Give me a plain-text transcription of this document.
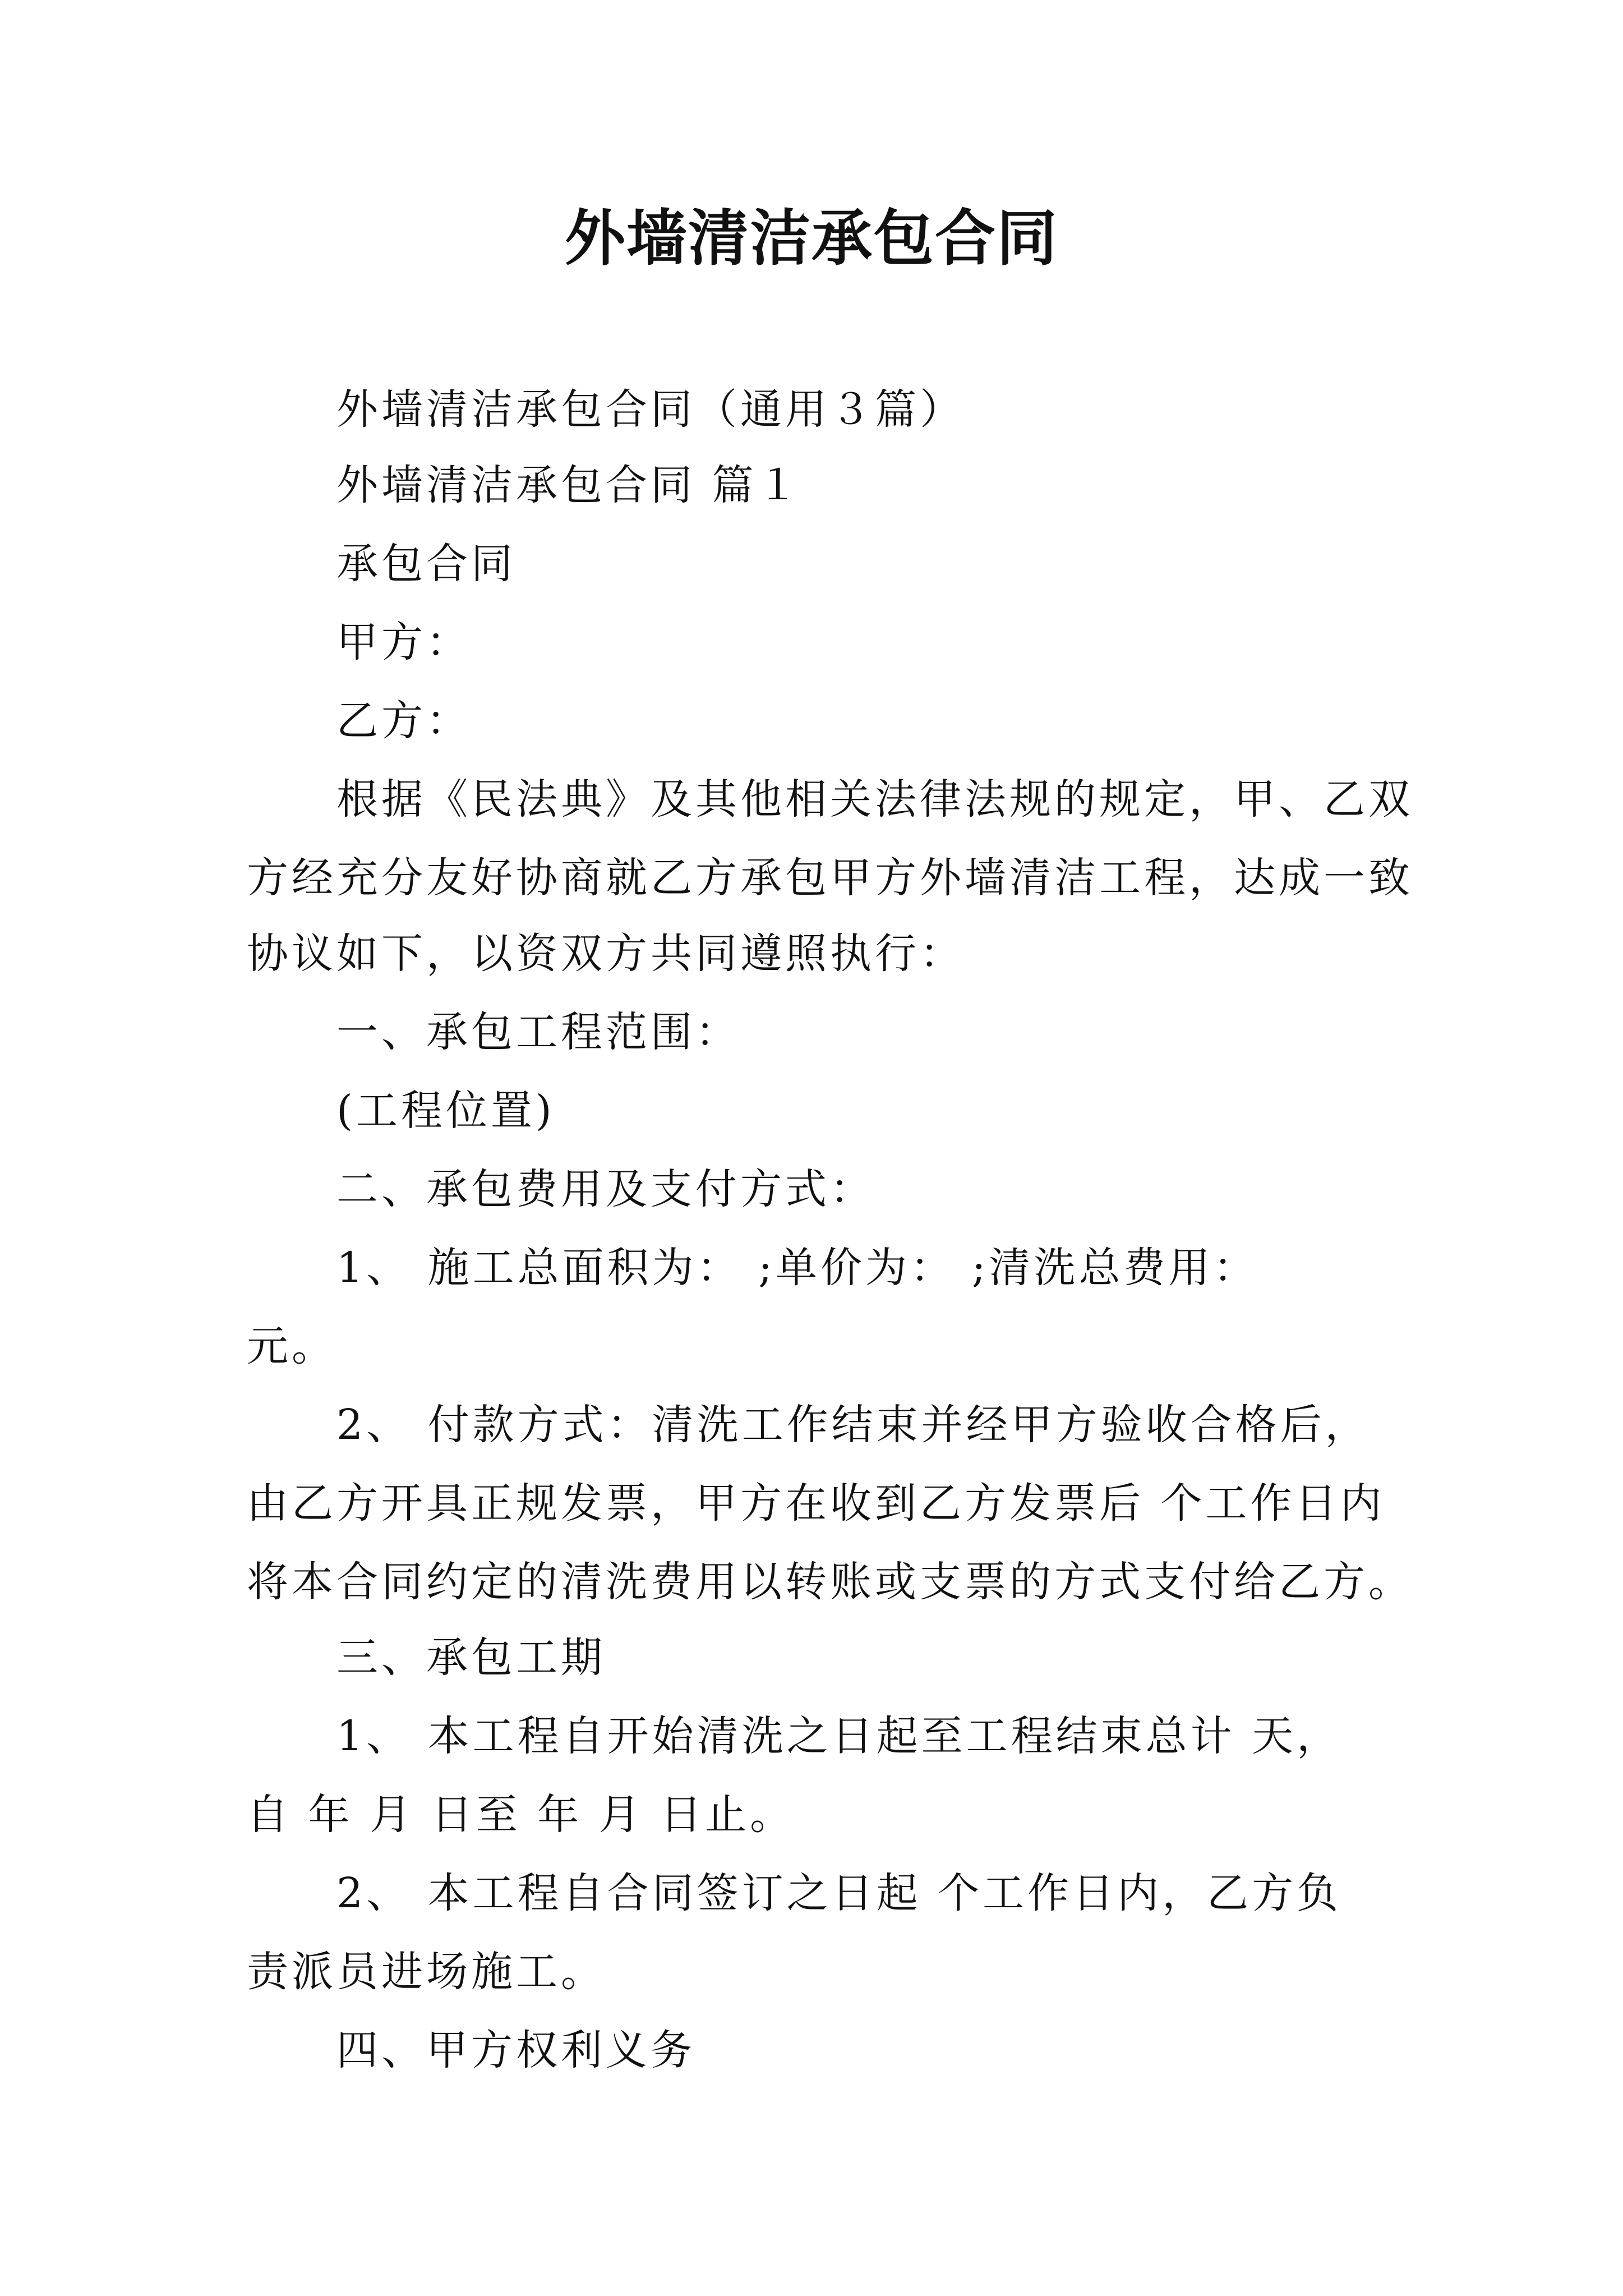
外墙清洁承包合同
外墙清洁承包合同（通用３篇）
外墙清洁承包合同 篇１
承包合同
甲方：
乙方：
根据《民法典》及其他相关法律法规的规定，甲、乙双
方经充分友好协商就乙方承包甲方外墙清洁工程，达成一致
协议如下，以资双方共同遵照执行：
一、承包工程范围：
(工程位置)
二、承包费用及支付方式：
1、 施工总面积为： ;单价为： ;清洗总费用：
元。
2、 付款方式：清洗工作结束并经甲方验收合格后，
由乙方开具正规发票，甲方在收到乙方发票后 个工作日内
将本合同约定的清洗费用以转账或支票的方式支付给乙方。
三、承包工期
1、 本工程自开始清洗之日起至工程结束总计 天，
自 年 月 日至 年 月 日止。
2、 本工程自合同签订之日起 个工作日内，乙方负
责派员进场施工。
四、甲方权利义务
